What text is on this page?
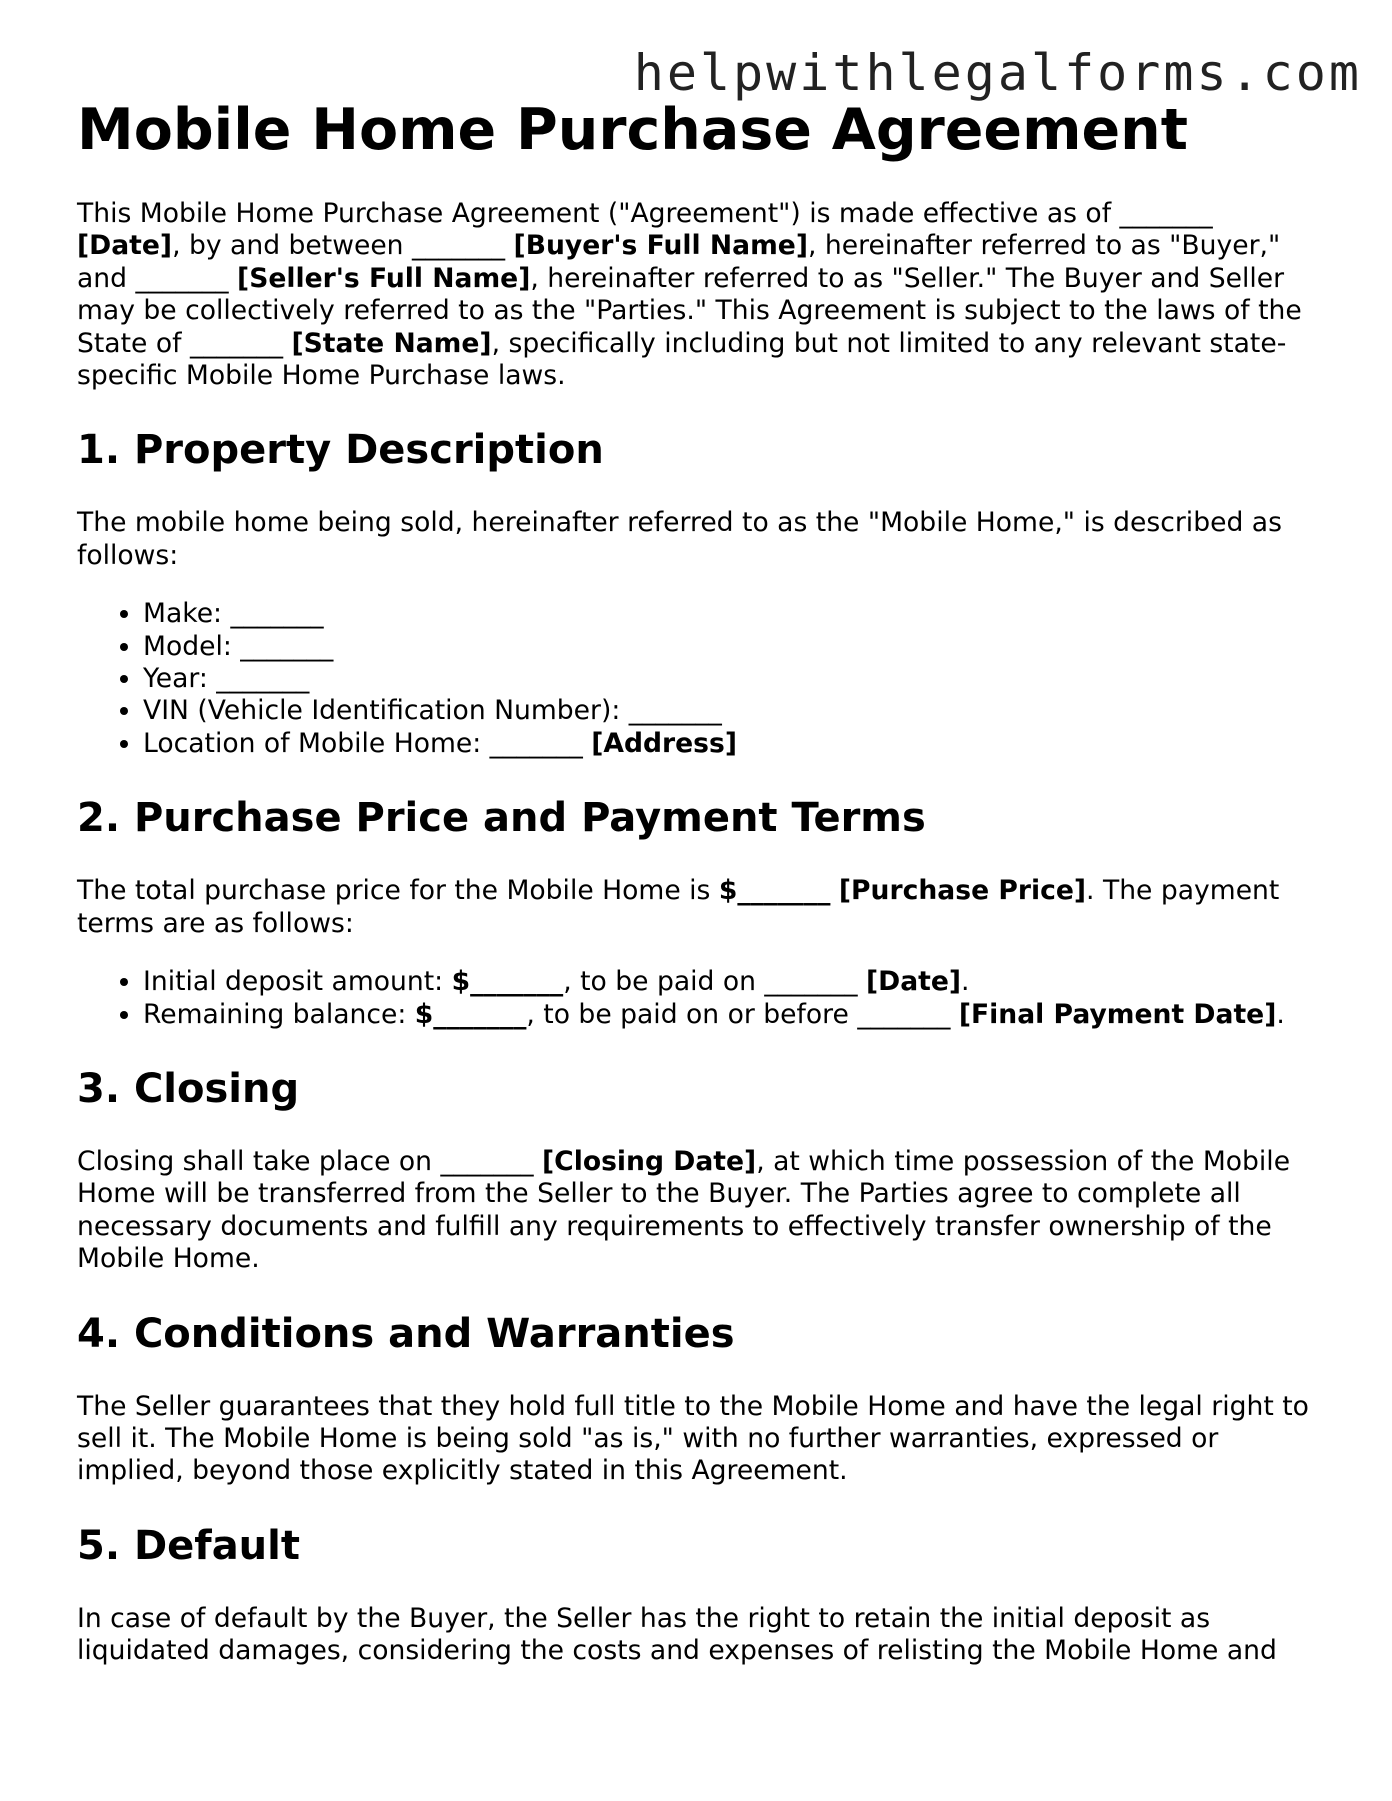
helpwithlegalforms.com
Mobile Home Purchase Agreement

This Mobile Home Purchase Agreement ("Agreement") is made effective as of _______ [Date], by and between _______ [Buyer's Full Name], hereinafter referred to as "Buyer," and _______ [Seller's Full Name], hereinafter referred to as "Seller." The Buyer and Seller may be collectively referred to as the "Parties." This Agreement is subject to the laws of the State of _______ [State Name], specifically including but not limited to any relevant state-specific Mobile Home Purchase laws.

1. Property Description

The mobile home being sold, hereinafter referred to as the "Mobile Home," is described as follows:

• Make: _______
• Model: _______
• Year: _______
• VIN (Vehicle Identification Number): _______
• Location of Mobile Home: _______ [Address]
2. Purchase Price and Payment Terms

The total purchase price for the Mobile Home is $_______ [Purchase Price]. The payment terms are as follows:

• Initial deposit amount: $_______, to be paid on _______ [Date].
• Remaining balance: $_______, to be paid on or before _______ [Final Payment Date].
3. Closing

Closing shall take place on _______ [Closing Date], at which time possession of the Mobile Home will be transferred from the Seller to the Buyer. The Parties agree to complete all necessary documents and fulfill any requirements to effectively transfer ownership of the Mobile Home.

4. Conditions and Warranties

The Seller guarantees that they hold full title to the Mobile Home and have the legal right to sell it. The Mobile Home is being sold "as is," with no further warranties, expressed or implied, beyond those explicitly stated in this Agreement.

5. Default

In case of default by the Buyer, the Seller has the right to retain the initial deposit as liquidated damages, considering the costs and expenses of relisting the Mobile Home and
